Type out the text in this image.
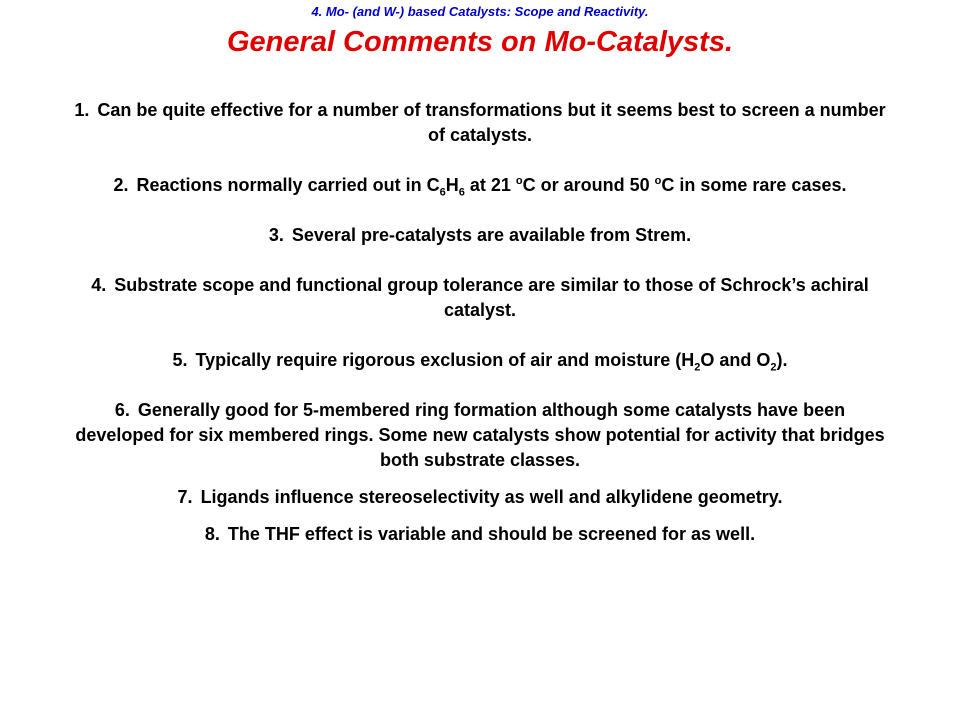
4. Mo- (and W-) based Catalysts: Scope and Reactivity.
General Comments on Mo-Catalysts.
1. Can be quite effective for a number of transformations but it seems best to screen a number of catalysts.
2. Reactions normally carried out in $C_6H_6$ at 21 $^o$C or around 50 $^o$C in some rare cases.
3. Several pre-catalysts are available from Strem.
4. Substrate scope and functional group tolerance are similar to those of Schrock’s achiral catalyst.
5. Typically require rigorous exclusion of air and moisture ($H_2O$ and $O_2$).
6. Generally good for 5-membered ring formation although some catalysts have been developed for six membered rings. Some new catalysts show potential for activity that bridges both substrate classes.
7. Ligands influence stereoselectivity as well and alkylidene geometry.
8. The THF effect is variable and should be screened for as well.
